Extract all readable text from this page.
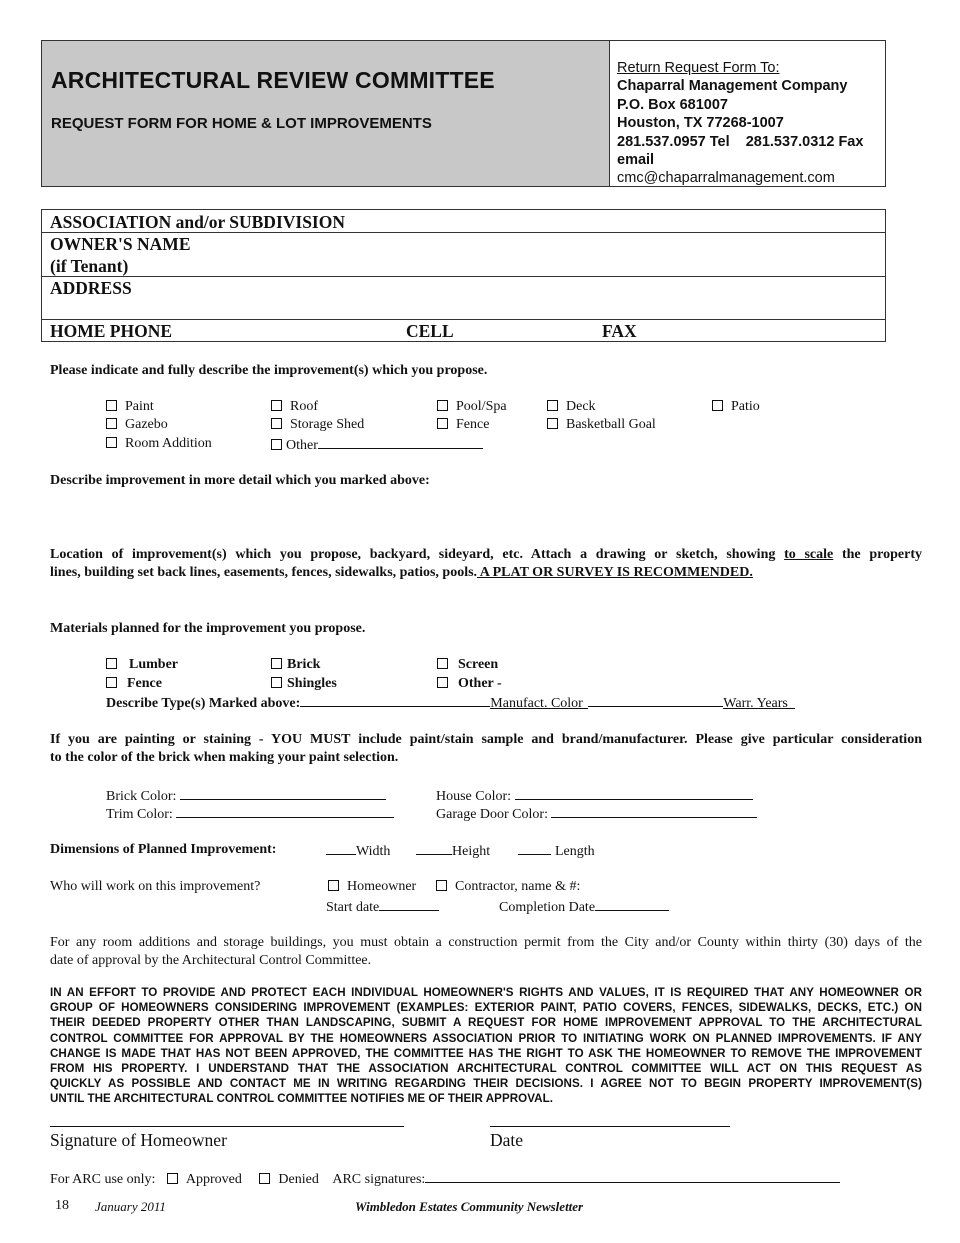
ARCHITECTURAL REVIEW COMMITTEE
REQUEST FORM FOR HOME & LOT IMPROVEMENTS
Return Request Form To:
Chaparral Management Company
P.O. Box 681007
Houston, TX 77268-1007
281.537.0957 Tel    281.537.0312 Fax
email
cmc@chaparralmanagement.com
ASSOCIATION and/or SUBDIVISION
OWNER'S NAME
(if Tenant)
ADDRESS
HOME PHONE	CELL	FAX
Please indicate and fully describe the improvement(s) which you propose.
Paint	Roof	Pool/Spa	Deck	Patio
Gazebo	Storage Shed	Fence	Basketball Goal
Room Addition	Other
Describe improvement in more detail which you marked above:
Location of improvement(s) which you propose, backyard, sideyard, etc. Attach a drawing or sketch, showing to scale the property
lines, building set back lines, easements, fences, sidewalks, patios, pools. A PLAT OR SURVEY IS RECOMMENDED.
Materials planned for the improvement you propose.
Lumber	Brick	Screen
Fence	Shingles	Other -
Describe Type(s) Marked above:	Manufact. Color	Warr. Years
If you are painting or staining - YOU MUST include paint/stain sample and brand/manufacturer. Please give particular consideration
to the color of the brick when making your paint selection.
Brick Color:	House Color:
Trim Color:	Garage Door Color:
Dimensions of Planned Improvement:	Width	Height	Length
Who will work on this improvement?	Homeowner	Contractor, name & #:
Start date	Completion Date
For any room additions and storage buildings, you must obtain a construction permit from the City and/or County within thirty (30) days of the
date of approval by the Architectural Control Committee.
IN AN EFFORT TO PROVIDE AND PROTECT EACH INDIVIDUAL HOMEOWNER'S RIGHTS AND VALUES, IT IS REQUIRED THAT ANY HOMEOWNER OR
GROUP OF HOMEOWNERS CONSIDERING IMPROVEMENT (EXAMPLES: EXTERIOR PAINT, PATIO COVERS, FENCES, SIDEWALKS, DECKS, ETC.) ON
THEIR DEEDED PROPERTY OTHER THAN LANDSCAPING, SUBMIT A REQUEST FOR HOME IMPROVEMENT APPROVAL TO THE ARCHITECTURAL
CONTROL COMMITTEE FOR APPROVAL BY THE HOMEOWNERS ASSOCIATION PRIOR TO INITIATING WORK ON PLANNED IMPROVEMENTS. IF ANY
CHANGE IS MADE THAT HAS NOT BEEN APPROVED, THE COMMITTEE HAS THE RIGHT TO ASK THE HOMEOWNER TO REMOVE THE IMPROVEMENT
FROM HIS PROPERTY. I UNDERSTAND THAT THE ASSOCIATION ARCHITECTURAL CONTROL COMMITTEE WILL ACT ON THIS REQUEST AS
QUICKLY AS POSSIBLE AND CONTACT ME IN WRITING REGARDING THEIR DECISIONS. I AGREE NOT TO BEGIN PROPERTY IMPROVEMENT(S)
UNTIL THE ARCHITECTURAL CONTROL COMMITTEE NOTIFIES ME OF THEIR APPROVAL.
Signature of Homeowner	Date
For ARC use only: Approved	Denied ARC signatures:
18 January 2011	Wimbledon Estates Community Newsletter
